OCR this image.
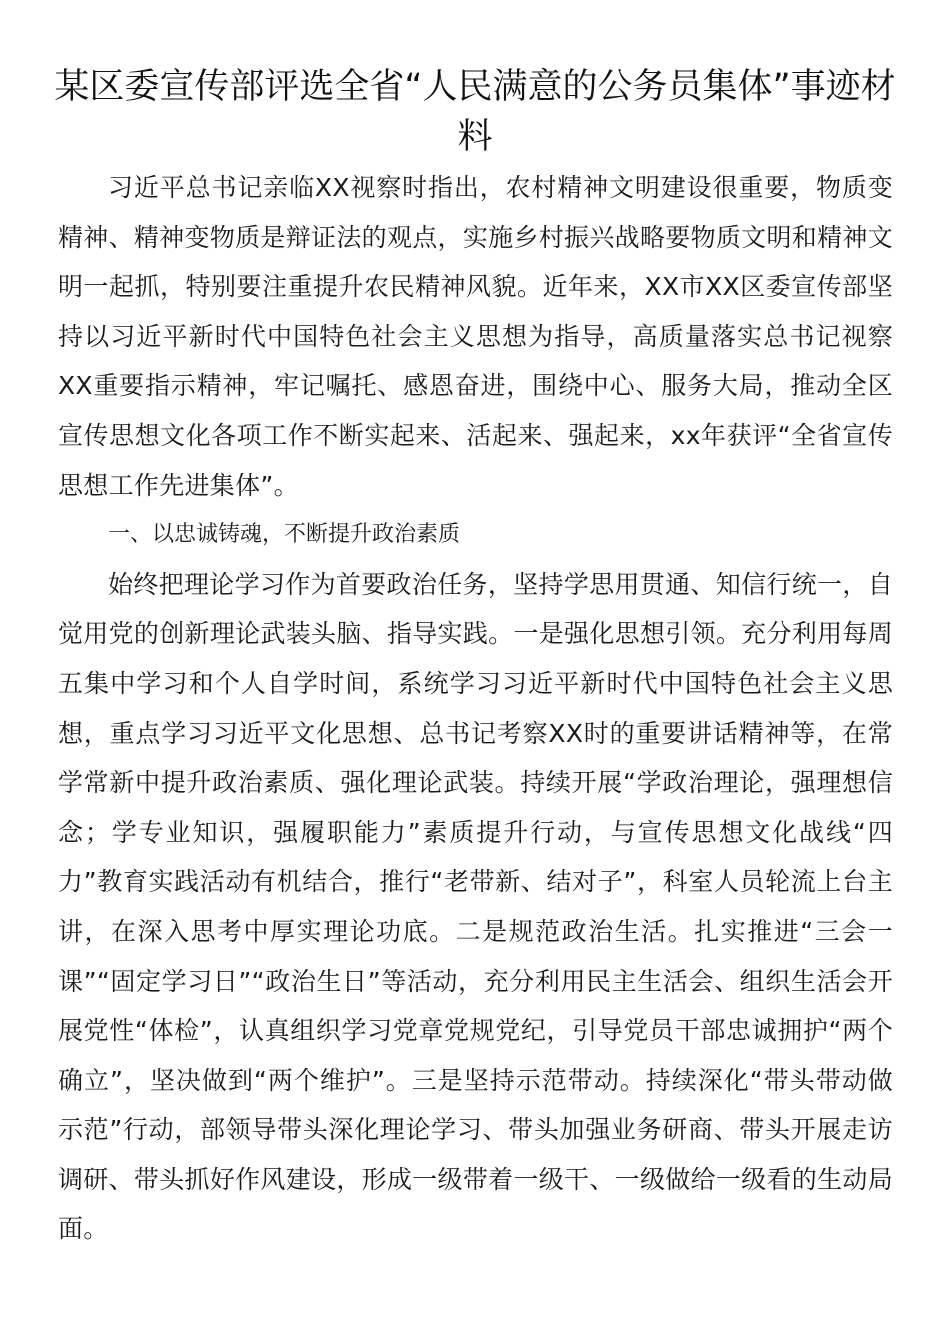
某区委宣传部评选全省“人民满意的公务员集体”事迹材料

习近平总书记亲临XX视察时指出，农村精神文明建设很重要，物质变精神、精神变物质是辩证法的观点，实施乡村振兴战略要物质文明和精神文明一起抓，特别要注重提升农民精神风貌。近年来，XX市XX区委宣传部坚持以习近平新时代中国特色社会主义思想为指导，高质量落实总书记视察XX重要指示精神，牢记嘱托、感恩奋进，围绕中心、服务大局，推动全区宣传思想文化各项工作不断实起来、活起来、强起来，xx年获评“全省宣传思想工作先进集体”。

一、以忠诚铸魂，不断提升政治素质

始终把理论学习作为首要政治任务，坚持学思用贯通、知信行统一，自觉用党的创新理论武装头脑、指导实践。一是强化思想引领。充分利用每周五集中学习和个人自学时间，系统学习习近平新时代中国特色社会主义思想，重点学习习近平文化思想、总书记考察XX时的重要讲话精神等，在常学常新中提升政治素质、强化理论武装。持续开展“学政治理论，强理想信念；学专业知识，强履职能力”素质提升行动，与宣传思想文化战线“四力”教育实践活动有机结合，推行“老带新、结对子”，科室人员轮流上台主讲，在深入思考中厚实理论功底。二是规范政治生活。扎实推进“三会一课”“固定学习日”“政治生日”等活动，充分利用民主生活会、组织生活会开展党性“体检”，认真组织学习党章党规党纪，引导党员干部忠诚拥护“两个确立”，坚决做到“两个维护”。三是坚持示范带动。持续深化“带头带动做示范”行动，部领导带头深化理论学习、带头加强业务研商、带头开展走访调研、带头抓好作风建设，形成一级带着一级干、一级做给一级看的生动局面。
